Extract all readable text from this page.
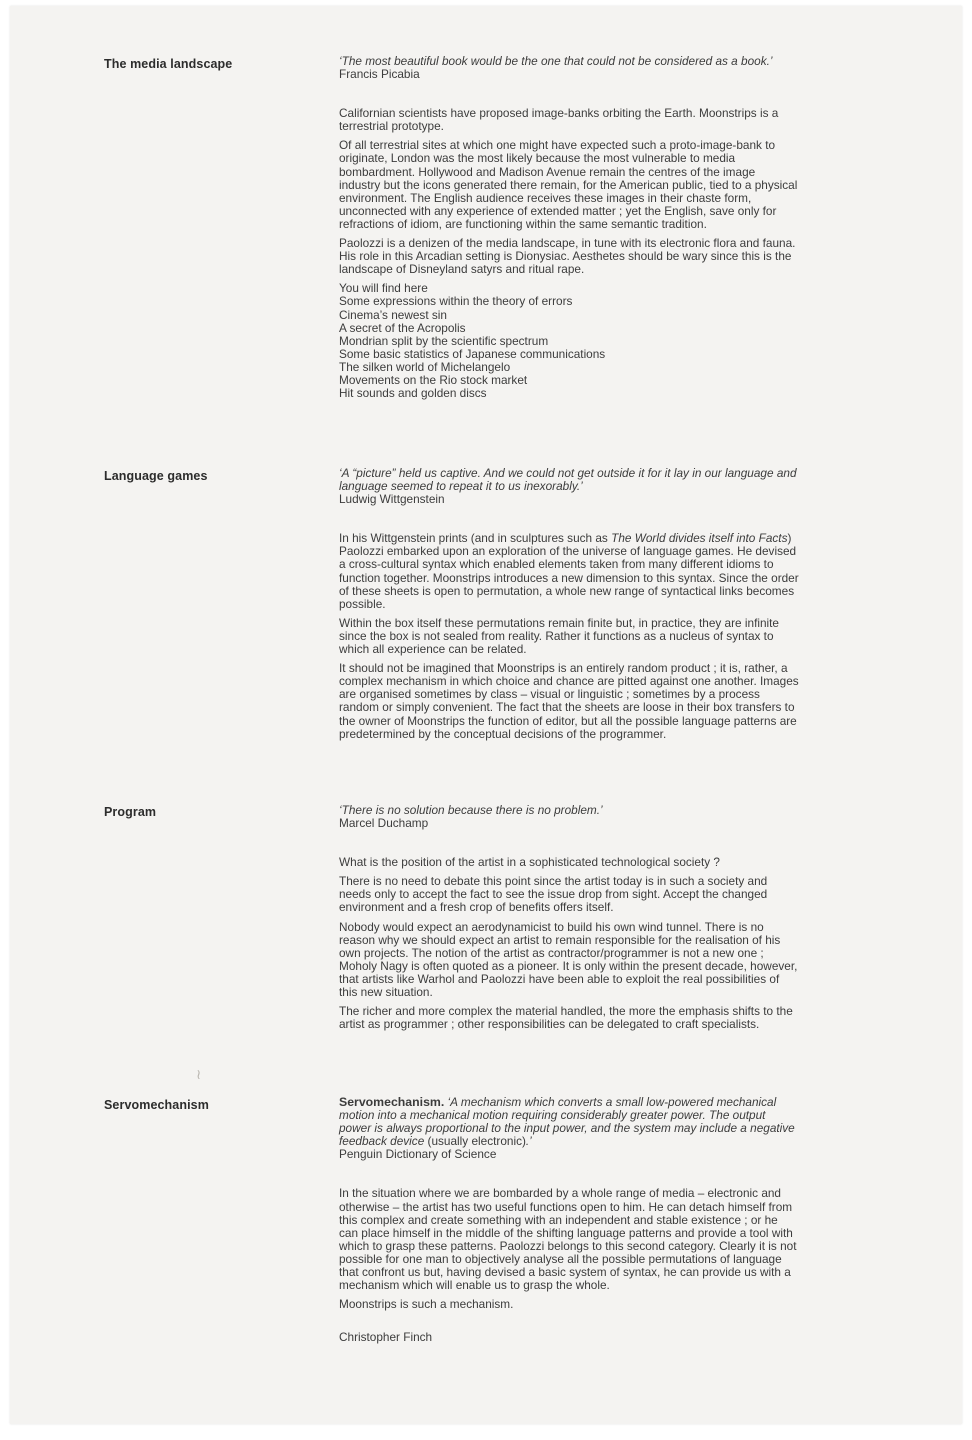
The media landscape	‘The most beautiful book would be the one that could not be considered as a book.’
Francis Picabia

Californian scientists have proposed image-banks orbiting the Earth. Moonstrips is a terrestrial prototype.

Of all terrestrial sites at which one might have expected such a proto-image-bank to originate, London was the most likely because the most vulnerable to media bombardment. Hollywood and Madison Avenue remain the centres of the image industry but the icons generated there remain, for the American public, tied to a physical environment. The English audience receives these images in their chaste form, unconnected with any experience of extended matter ; yet the English, save only for refractions of idiom, are functioning within the same semantic tradition.

Paolozzi is a denizen of the media landscape, in tune with its electronic flora and fauna. His role in this Arcadian setting is Dionysiac. Aesthetes should be wary since this is the landscape of Disneyland satyrs and ritual rape.

You will find here
Some expressions within the theory of errors
Cinema’s newest sin
A secret of the Acropolis
Mondrian split by the scientific spectrum
Some basic statistics of Japanese communications
The silken world of Michelangelo
Movements on the Rio stock market
Hit sounds and golden discs
Language games	‘A “picture” held us captive. And we could not get outside it for it lay in our language and language seemed to repeat it to us inexorably.’
Ludwig Wittgenstein

In his Wittgenstein prints (and in sculptures such as The World divides itself into Facts) Paolozzi embarked upon an exploration of the universe of language games. He devised a cross-cultural syntax which enabled elements taken from many different idioms to function together. Moonstrips introduces a new dimension to this syntax. Since the order of these sheets is open to permutation, a whole new range of syntactical links becomes possible.

Within the box itself these permutations remain finite but, in practice, they are infinite since the box is not sealed from reality. Rather it functions as a nucleus of syntax to which all experience can be related.

It should not be imagined that Moonstrips is an entirely random product ; it is, rather, a complex mechanism in which choice and chance are pitted against one another. Images are organised sometimes by class – visual or linguistic ; sometimes by a process random or simply convenient. The fact that the sheets are loose in their box transfers to the owner of Moonstrips the function of editor, but all the possible language patterns are predetermined by the conceptual decisions of the programmer.

Program	‘There is no solution because there is no problem.’
Marcel Duchamp

What is the position of the artist in a sophisticated technological society ?

There is no need to debate this point since the artist today is in such a society and needs only to accept the fact to see the issue drop from sight. Accept the changed environment and a fresh crop of benefits offers itself.

Nobody would expect an aerodynamicist to build his own wind tunnel. There is no reason why we should expect an artist to remain responsible for the realisation of his own projects. The notion of the artist as contractor/programmer is not a new one ; Moholy Nagy is often quoted as a pioneer. It is only within the present decade, however, that artists like Warhol and Paolozzi have been able to exploit the real possibilities of this new situation.

The richer and more complex the material handled, the more the emphasis shifts to the artist as programmer ; other responsibilities can be delegated to craft specialists.

Servomechanism	Servomechanism. ‘A mechanism which converts a small low-powered mechanical motion into a mechanical motion requiring considerably greater power. The output power is always proportional to the input power, and the system may include a negative feedback device (usually electronic).’
Penguin Dictionary of Science

In the situation where we are bombarded by a whole range of media – electronic and otherwise – the artist has two useful functions open to him. He can detach himself from this complex and create something with an independent and stable existence ; or he can place himself in the middle of the shifting language patterns and provide a tool with which to grasp these patterns. Paolozzi belongs to this second category. Clearly it is not possible for one man to objectively analyse all the possible permutations of language that confront us but, having devised a basic system of syntax, he can provide us with a mechanism which will enable us to grasp the whole.

Moonstrips is such a mechanism.

Christopher Finch
≀
